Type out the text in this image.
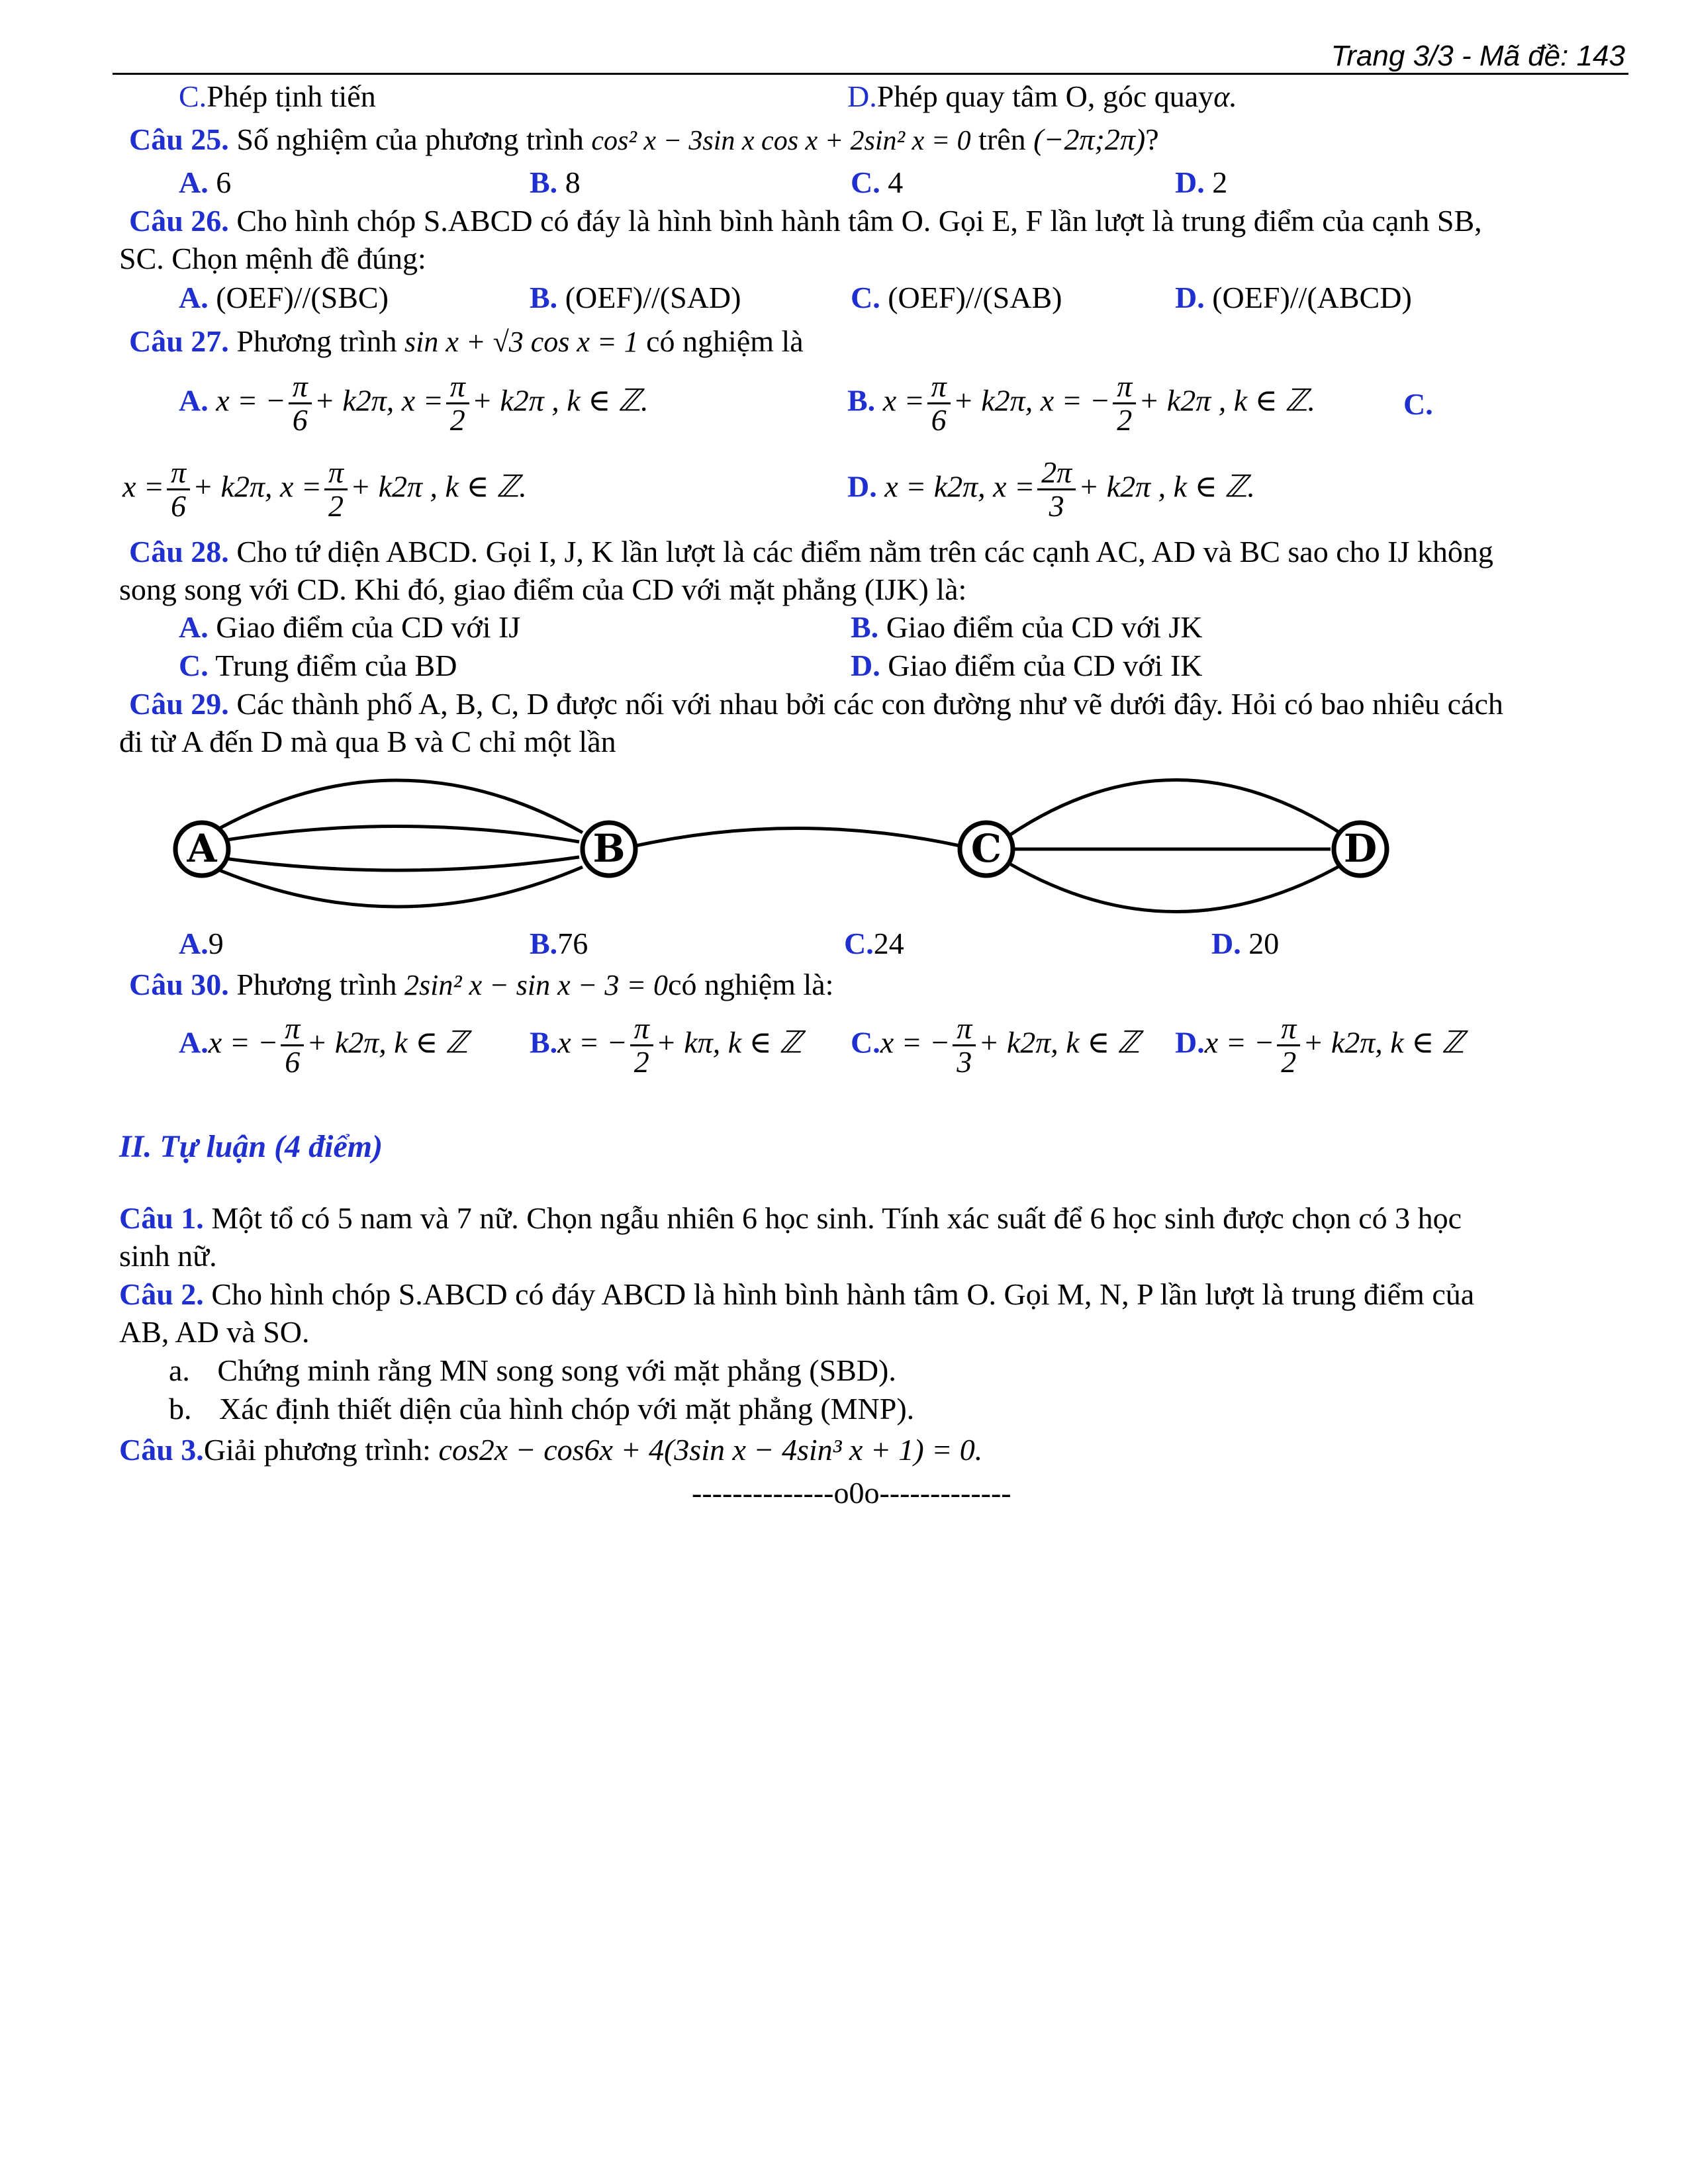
Trang 3/3 - Mã đề: 143
C.Phép tịnh tiến	D.Phép quay tâm O, góc quayα.
Câu 25. Số nghiệm của phương trình cos² x − 3sin x cos x + 2sin² x = 0 trên (−2π;2π)?
A. 6	B. 8	C. 4	D. 2
Câu 26. Cho hình chóp S.ABCD có đáy là hình bình hành tâm O. Gọi E, F lần lượt là trung điểm của cạnh SB,
SC. Chọn mệnh đề đúng:
A. (OEF)//(SBC)	B. (OEF)//(SAD)	C. (OEF)//(SAB)	D. (OEF)//(ABCD)
Câu 27. Phương trình sin x + √3 cos x = 1 có nghiệm là
A. x = − $\frac{\pi}{6} + k2\pi$, $x = \frac{\pi}{2} + k2\pi$ , k ∈ ℤ.	B. $x = \frac{\pi}{6} + k2\pi$, x = − $\frac{\pi}{2} + k2\pi$ , k ∈ ℤ.	C.
$x = \frac{\pi}{6} + k2\pi$, $x = \frac{\pi}{2} + k2\pi$ , k ∈ ℤ.	D. x = k2π, $x = \frac{2\pi}{3} + k2\pi$ , k ∈ ℤ.
Câu 28. Cho tứ diện ABCD. Gọi I, J, K lần lượt là các điểm nằm trên các cạnh AC, AD và BC sao cho IJ không
song song với CD. Khi đó, giao điểm của CD với mặt phẳng (IJK) là:
A. Giao điểm của CD với IJ	B. Giao điểm của CD với JK
C. Trung điểm của BD	D. Giao điểm của CD với IK
Câu 29. Các thành phố A, B, C, D được nối với nhau bởi các con đường như vẽ dưới đây. Hỏi có bao nhiêu cách
đi từ A đến D mà qua B và C chỉ một lần
A	B	C	D
A.9	B.76	C.24	D. 20
Câu 30. Phương trình 2sin² x − sin x − 3 = 0có nghiệm là:
A.x = − $\frac{\pi}{6} + k2\pi$, k ∈ ℤ B.x = − $\frac{\pi}{2} + k\pi$, k ∈ ℤ C.x = − $\frac{\pi}{3} + k2\pi$, k ∈ ℤ D.x = − $\frac{\pi}{2} + k2\pi$, k ∈ ℤ
II. Tự luận (4 điểm)
Câu 1. Một tổ có 5 nam và 7 nữ. Chọn ngẫu nhiên 6 học sinh. Tính xác suất để 6 học sinh được chọn có 3 học
sinh nữ.
Câu 2. Cho hình chóp S.ABCD có đáy ABCD là hình bình hành tâm O. Gọi M, N, P lần lượt là trung điểm của
AB, AD và SO.
a. Chứng minh rằng MN song song với mặt phẳng (SBD).
b. Xác định thiết diện của hình chóp với mặt phẳng (MNP).
Câu 3.Giải phương trình: cos2x − cos6x + 4(3sin x − 4sin³ x + 1) = 0.
--------------o0o-------------
